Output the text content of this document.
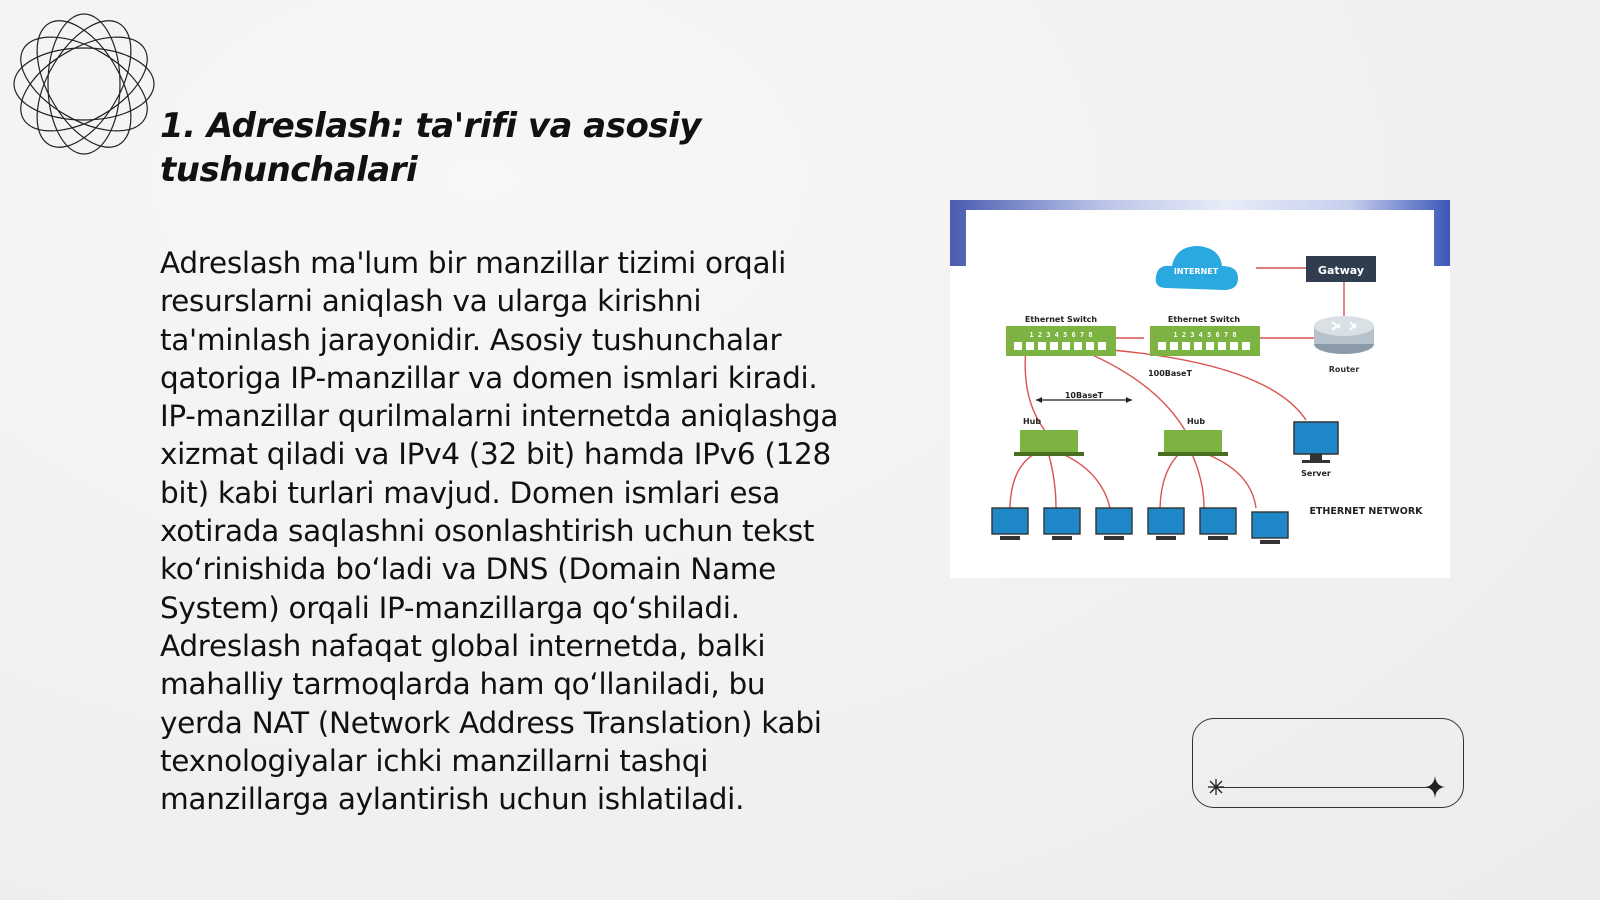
1. Adreslash: ta'rifi va asosiy tushunchalari

Adreslash ma'lum bir manzillar tizimi orqali resurslarni aniqlash va ularga kirishni ta'minlash jarayonidir. Asosiy tushunchalar qatoriga IP-manzillar va domen ismlari kiradi. IP-manzillar qurilmalarni internetda aniqlashga xizmat qiladi va IPv4 (32 bit) hamda IPv6 (128 bit) kabi turlari mavjud. Domen ismlari esa xotirada saqlashni osonlashtirish uchun tekst ko‘rinishida bo‘ladi va DNS (Domain Name System) orqali IP-manzillarga qo‘shiladi. Adreslash nafaqat global internetda, balki mahalliy tarmoqlarda ham qo‘llaniladi, bu yerda NAT (Network Address Translation) kabi texnologiyalar ichki manzillarni tashqi manzillarga aylantirish uchun ishlatiladi.

INTERNET	Gatway
Router
Ethernet Switch
1 2 3 4 5 6 7 8
Ethernet Switch
1 2 3 4 5 6 7 8
100BaseT
10BaseT
Hub	Hub
Server
ETHERNET NETWORK
